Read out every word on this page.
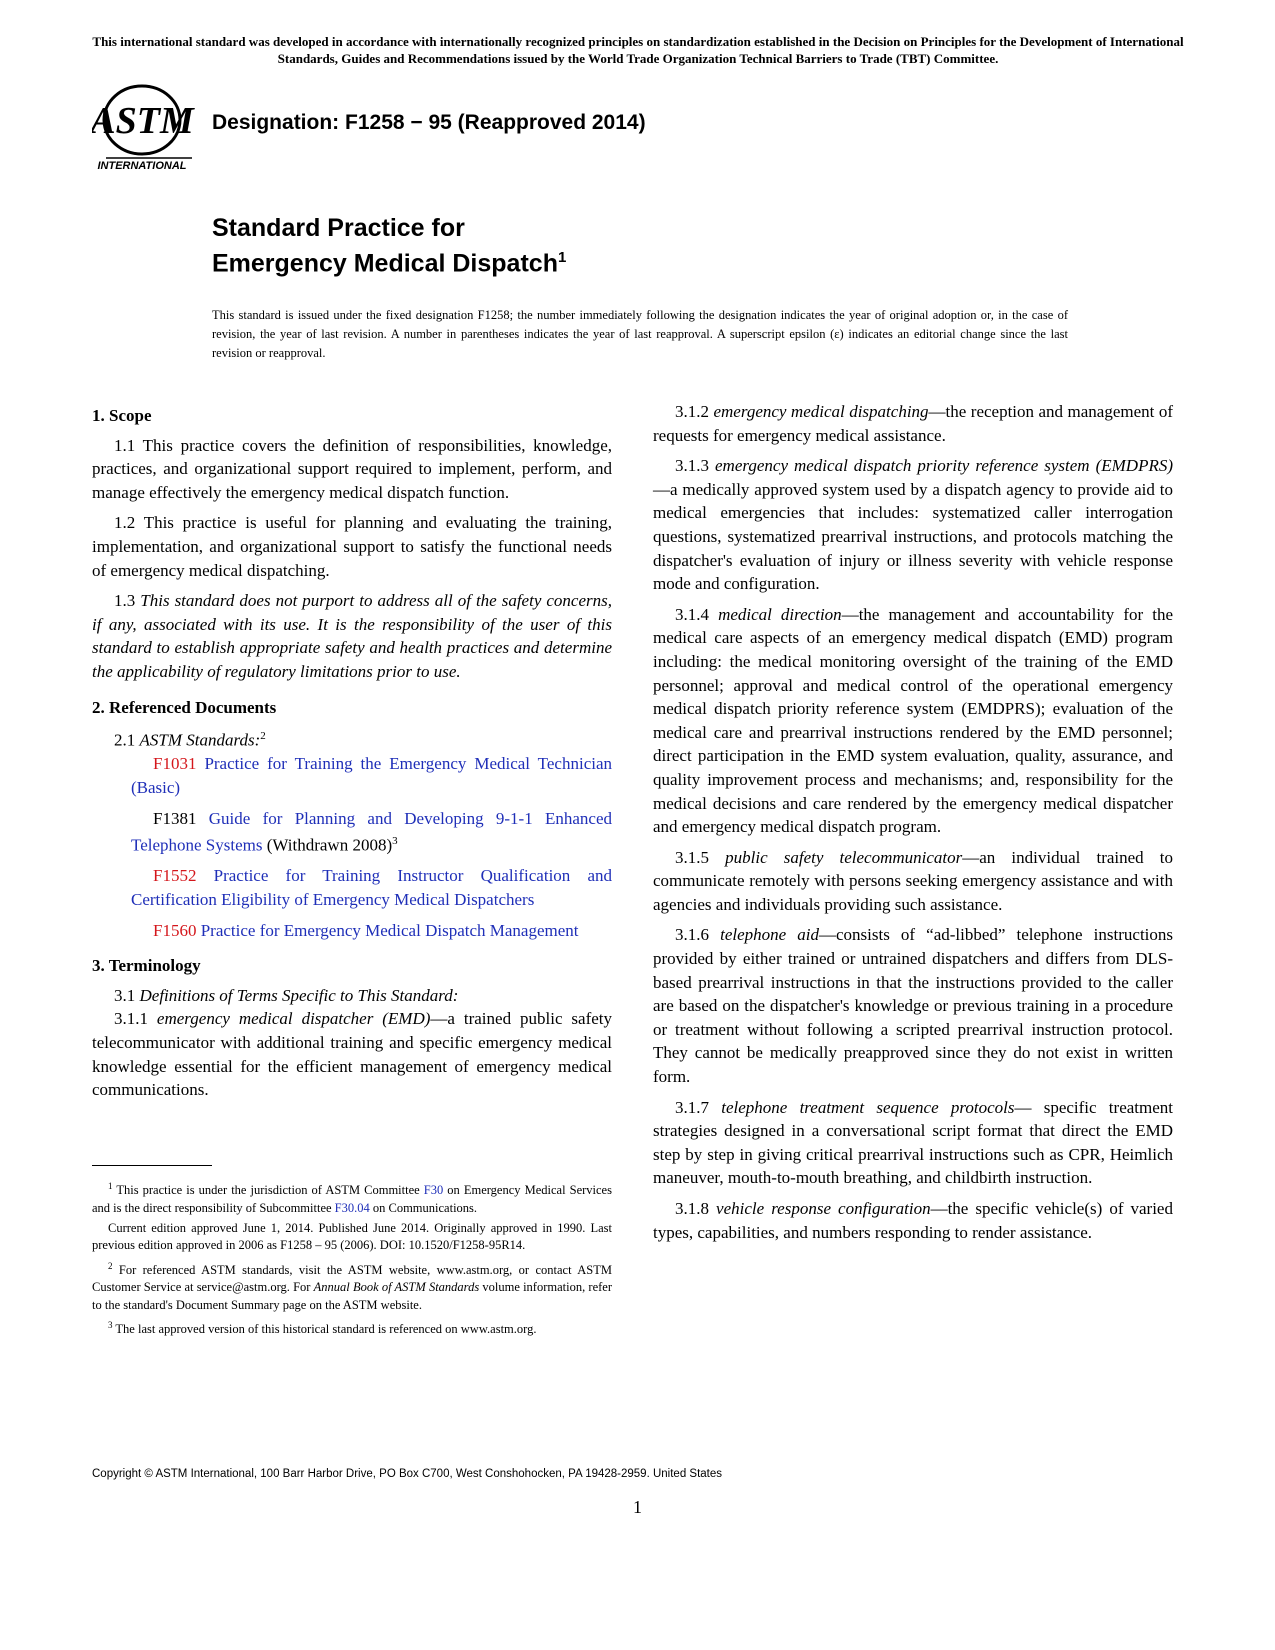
This international standard was developed in accordance with internationally recognized principles on standardization established in the Decision on Principles for the Development of International Standards, Guides and Recommendations issued by the World Trade Organization Technical Barriers to Trade (TBT) Committee.
ASTM
INTERNATIONAL
Designation: F1258 − 95 (Reapproved 2014)
Standard Practice for
Emergency Medical Dispatch$^1$
This standard is issued under the fixed designation F1258; the number immediately following the designation indicates the year of original adoption or, in the case of revision, the year of last revision. A number in parentheses indicates the year of last reapproval. A superscript epsilon (ε) indicates an editorial change since the last revision or reapproval.
1. Scope

1.1 This practice covers the definition of responsibilities, knowledge, practices, and organizational support required to implement, perform, and manage effectively the emergency medical dispatch function.

1.2 This practice is useful for planning and evaluating the training, implementation, and organizational support to satisfy the functional needs of emergency medical dispatching.

1.3 This standard does not purport to address all of the safety concerns, if any, associated with its use. It is the responsibility of the user of this standard to establish appropriate safety and health practices and determine the applicability of regulatory limitations prior to use.

2. Referenced Documents

2.1 ASTM Standards:$^2$

F1031 Practice for Training the Emergency Medical Technician (Basic)

F1381 Guide for Planning and Developing 9-1-1 Enhanced Telephone Systems (Withdrawn 2008)$^3$

F1552 Practice for Training Instructor Qualification and Certification Eligibility of Emergency Medical Dispatchers

F1560 Practice for Emergency Medical Dispatch Management

3. Terminology

3.1 Definitions of Terms Specific to This Standard:

3.1.1 emergency medical dispatcher (EMD)—a trained public safety telecommunicator with additional training and specific emergency medical knowledge essential for the efficient management of emergency medical communications.

3.1.2 emergency medical dispatching—the reception and management of requests for emergency medical assistance.

3.1.3 emergency medical dispatch priority reference system (EMDPRS)—a medically approved system used by a dispatch agency to provide aid to medical emergencies that includes: systematized caller interrogation questions, systematized prearrival instructions, and protocols matching the dispatcher's evaluation of injury or illness severity with vehicle response mode and configuration.

3.1.4 medical direction—the management and accountability for the medical care aspects of an emergency medical dispatch (EMD) program including: the medical monitoring oversight of the training of the EMD personnel; approval and medical control of the operational emergency medical dispatch priority reference system (EMDPRS); evaluation of the medical care and prearrival instructions rendered by the EMD personnel; direct participation in the EMD system evaluation, quality, assurance, and quality improvement process and mechanisms; and, responsibility for the medical decisions and care rendered by the emergency medical dispatcher and emergency medical dispatch program.

3.1.5 public safety telecommunicator—an individual trained to communicate remotely with persons seeking emergency assistance and with agencies and individuals providing such assistance.

3.1.6 telephone aid—consists of “ad-libbed” telephone instructions provided by either trained or untrained dispatchers and differs from DLS-based prearrival instructions in that the instructions provided to the caller are based on the dispatcher's knowledge or previous training in a procedure or treatment without following a scripted prearrival instruction protocol. They cannot be medically preapproved since they do not exist in written form.

3.1.7 telephone treatment sequence protocols— specific treatment strategies designed in a conversational script format that direct the EMD step by step in giving critical prearrival instructions such as CPR, Heimlich maneuver, mouth-to-mouth breathing, and childbirth instruction.

3.1.8 vehicle response configuration—the specific vehicle(s) of varied types, capabilities, and numbers responding to render assistance.

$^1$ This practice is under the jurisdiction of ASTM Committee F30 on Emergency Medical Services and is the direct responsibility of Subcommittee F30.04 on Communications.

Current edition approved June 1, 2014. Published June 2014. Originally approved in 1990. Last previous edition approved in 2006 as F1258 – 95 (2006). DOI: 10.1520/F1258-95R14.

$^2$ For referenced ASTM standards, visit the ASTM website, www.astm.org, or contact ASTM Customer Service at service@astm.org. For Annual Book of ASTM Standards volume information, refer to the standard's Document Summary page on the ASTM website.

$^3$ The last approved version of this historical standard is referenced on www.astm.org.

Copyright © ASTM International, 100 Barr Harbor Drive, PO Box C700, West Conshohocken, PA 19428-2959. United States
1
